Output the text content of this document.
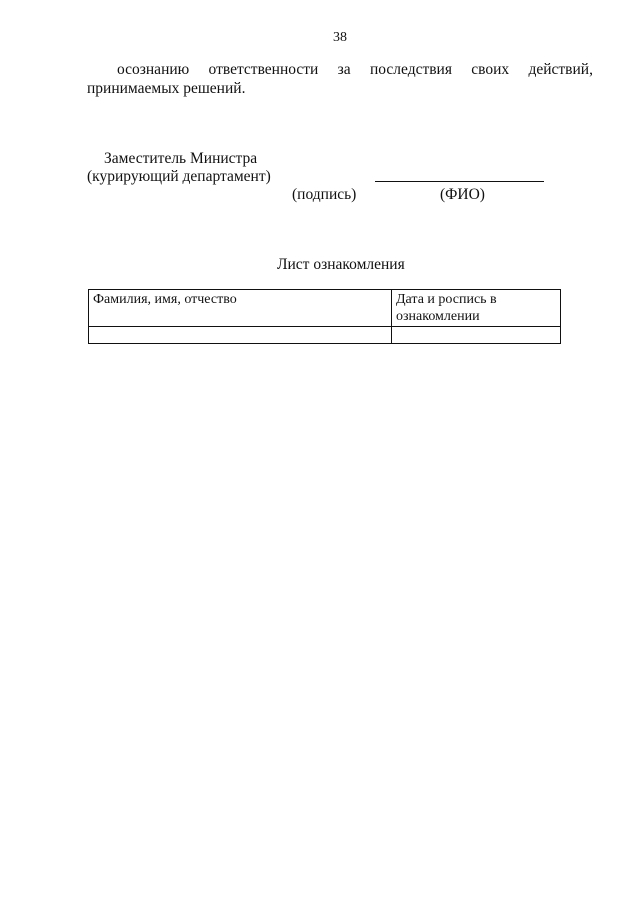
38
осознанию ответственности за последствия своих действий,
принимаемых решений.
Заместитель Министра
(курирующий департамент)
(подпись)	(ФИО)
Лист ознакомления
Фамилия, имя, отчество	Дата и роспись в ознакомлении
